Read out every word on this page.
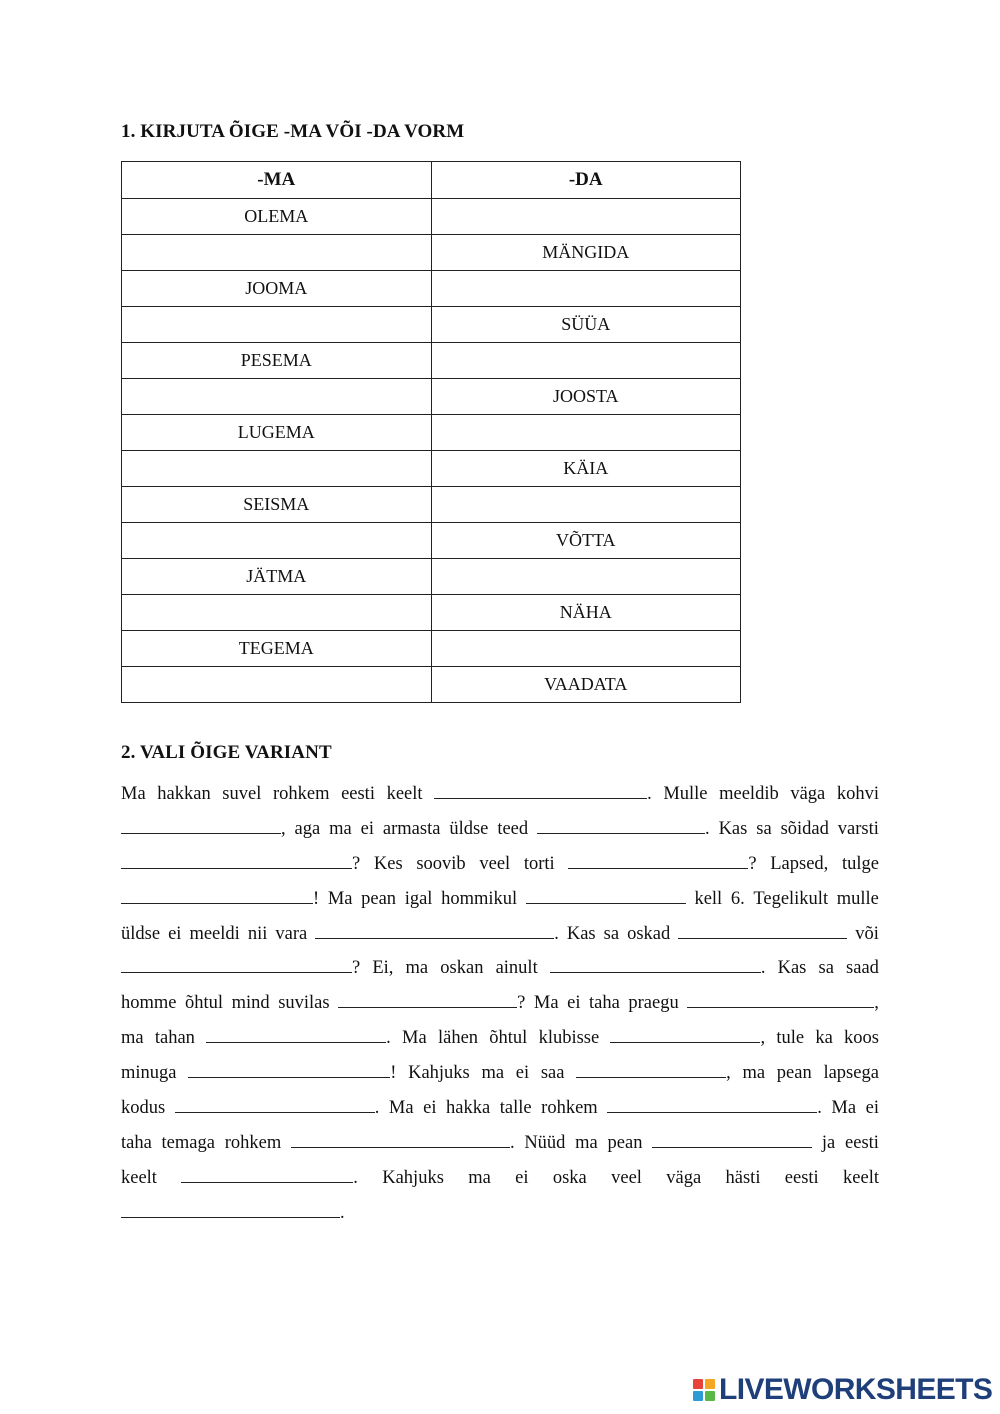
1. KIRJUTA ÕIGE -MA VÕI -DA VORM
-MA	-DA
OLEMA	
	MÄNGIDA
JOOMA	
	SÜÜA
PESEMA	
	JOOSTA
LUGEMA	
	KÄIA
SEISMA	
	VÕTTA
JÄTMA	
	NÄHA
TEGEMA	
	VAADATA
2. VALI ÕIGE VARIANT
Ma hakkan suvel rohkem eesti keelt	. Mulle meeldib väga kohvi
, aga ma ei armasta üldse teed	. Kas sa sõidad varsti
? Kes soovib veel torti	? Lapsed, tulge
! Ma pean igal hommikul	kell 6. Tegelikult mulle
üldse ei meeldi nii vara	. Kas sa oskad	või
? Ei, ma oskan ainult	. Kas sa saad
homme õhtul mind suvilas	? Ma ei taha praegu	,
ma tahan	. Ma lähen õhtul klubisse	, tule ka koos
minuga	! Kahjuks ma ei saa	, ma pean lapsega
kodus	. Ma ei hakka talle rohkem	. Ma ei
taha temaga rohkem	. Nüüd ma pean	ja eesti
keelt	. Kahjuks ma ei oska veel väga hästi eesti keelt
.
LIVEWORKSHEETS
